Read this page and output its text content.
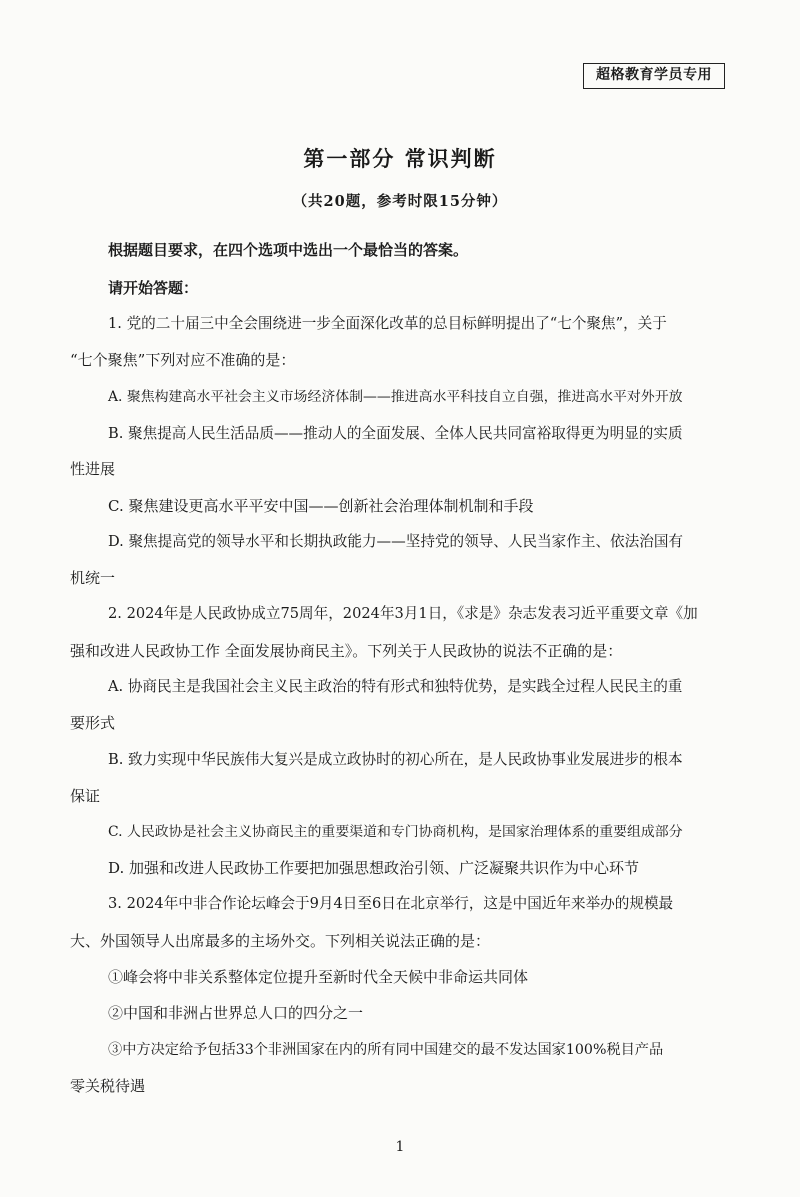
超格教育学员专用
第一部分 常识判断
（共20题，参考时限15分钟）
根据题目要求，在四个选项中选出一个最恰当的答案。
请开始答题：
1. 党的二十届三中全会围绕进一步全面深化改革的总目标鲜明提出了“七个聚焦”，关于
“七个聚焦”下列对应不准确的是：
A. 聚焦构建高水平社会主义市场经济体制——推进高水平科技自立自强，推进高水平对外开放
B. 聚焦提高人民生活品质——推动人的全面发展、全体人民共同富裕取得更为明显的实质
性进展
C. 聚焦建设更高水平平安中国——创新社会治理体制机制和手段
D. 聚焦提高党的领导水平和长期执政能力——坚持党的领导、人民当家作主、依法治国有
机统一
2. 2024年是人民政协成立75周年，2024年3月1日，《求是》杂志发表习近平重要文章《加
强和改进人民政协工作 全面发展协商民主》。下列关于人民政协的说法不正确的是：
A. 协商民主是我国社会主义民主政治的特有形式和独特优势，是实践全过程人民民主的重
要形式
B. 致力实现中华民族伟大复兴是成立政协时的初心所在，是人民政协事业发展进步的根本
保证
C. 人民政协是社会主义协商民主的重要渠道和专门协商机构，是国家治理体系的重要组成部分
D. 加强和改进人民政协工作要把加强思想政治引领、广泛凝聚共识作为中心环节
3. 2024年中非合作论坛峰会于9月4日至6日在北京举行，这是中国近年来举办的规模最
大、外国领导人出席最多的主场外交。下列相关说法正确的是：
①峰会将中非关系整体定位提升至新时代全天候中非命运共同体
②中国和非洲占世界总人口的四分之一
③中方决定给予包括33个非洲国家在内的所有同中国建交的最不发达国家100%税目产品
零关税待遇
1
